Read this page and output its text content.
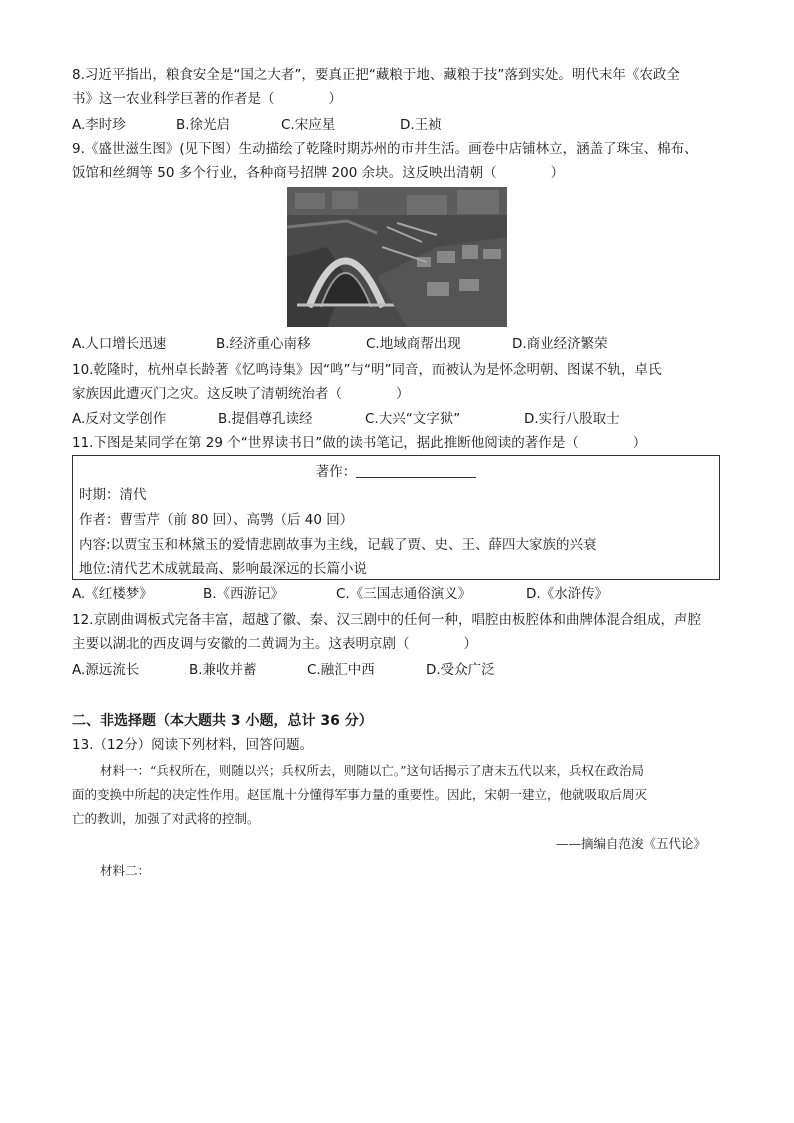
8.习近平指出，粮食安全是“国之大者”，要真正把“藏粮于地、藏粮于技”落到实处。明代末年《农政全
书》这一农业科学巨著的作者是（　　　　）
A.李时珍	B.徐光启	C.宋应星	D.王祯
9.《盛世滋生图》(见下图）生动描绘了乾隆时期苏州的市井生活。画卷中店铺林立，涵盖了珠宝、棉布、
饭馆和丝绸等 50 多个行业，各种商号招牌 200 余块。这反映出清朝（　　　　）
A.人口增长迅速	B.经济重心南移	C.地域商帮出现	D.商业经济繁荣
10.乾隆时，杭州卓长龄著《忆鸣诗集》因“鸣”与“明”同音，而被认为是怀念明朝、图谋不轨，卓氏
家族因此遭灭门之灾。这反映了清朝统治者（　　　　）
A.反对文学创作	B.提倡尊孔读经	C.大兴“文字狱”	D.实行八股取士
11.下图是某同学在第 29 个“世界读书日”做的读书笔记，据此推断他阅读的著作是（　　　　）
著作：
时期：清代
作者：曹雪芹（前 80 回）、高鹗（后 40 回）
内容:以贾宝玉和林黛玉的爱情悲剧故事为主线，记载了贾、史、王、薛四大家族的兴衰
地位:清代艺术成就最高、影响最深远的长篇小说
A.《红楼梦》	B.《西游记》	C.《三国志通俗演义》	D.《水浒传》
12.京剧曲调板式完备丰富，超越了徽、秦、汉三剧中的任何一种，唱腔由板腔体和曲牌体混合组成，声腔
主要以湖北的西皮调与安徽的二黄调为主。这表明京剧（　　　　）
A.源远流长	B.兼收并蓄	C.融汇中西	D.受众广泛
二、非选择题（本大题共 3 小题，总计 36 分）
13.（12分）阅读下列材料，回答问题。
材料一：“兵权所在，则随以兴；兵权所去，则随以亡。”这句话揭示了唐末五代以来，兵权在政治局
面的变换中所起的决定性作用。赵匡胤十分懂得军事力量的重要性。因此，宋朝一建立，他就吸取后周灭
亡的教训，加强了对武将的控制。
——摘编自范浚《五代论》
材料二：
